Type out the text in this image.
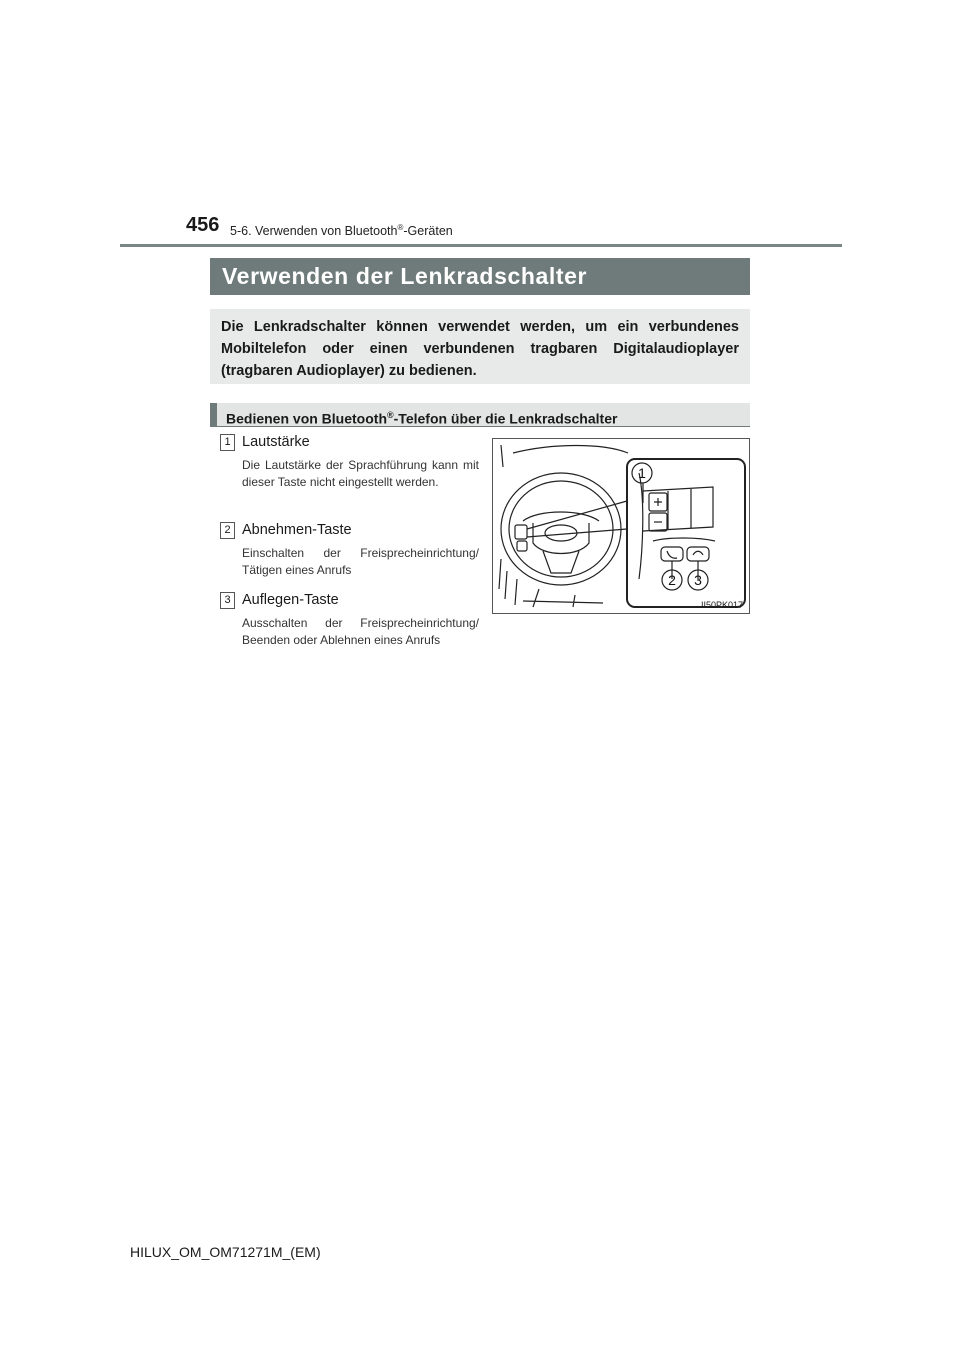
456 5-6. Verwenden von Bluetooth®-Geräten
Verwenden der Lenkradschalter
Die Lenkradschalter können verwendet werden, um ein verbundenes Mobiltelefon oder einen verbundenen tragbaren Digitalaudioplayer (tragbaren Audioplayer) zu bedienen.
Bedienen von Bluetooth®-Telefon über die Lenkradschalter
1 Lautstärke
Die Lautstärke der Sprachführung kann mit dieser Taste nicht eingestellt werden.
2 Abnehmen-Taste
Einschalten der Freisprecheinrichtung/ Tätigen eines Anrufs
3 Auflegen-Taste
Ausschalten der Freisprecheinrichtung/ Beenden oder Ablehnen eines Anrufs
1
2 3
II50PK017
HILUX_OM_OM71271M_(EM)
